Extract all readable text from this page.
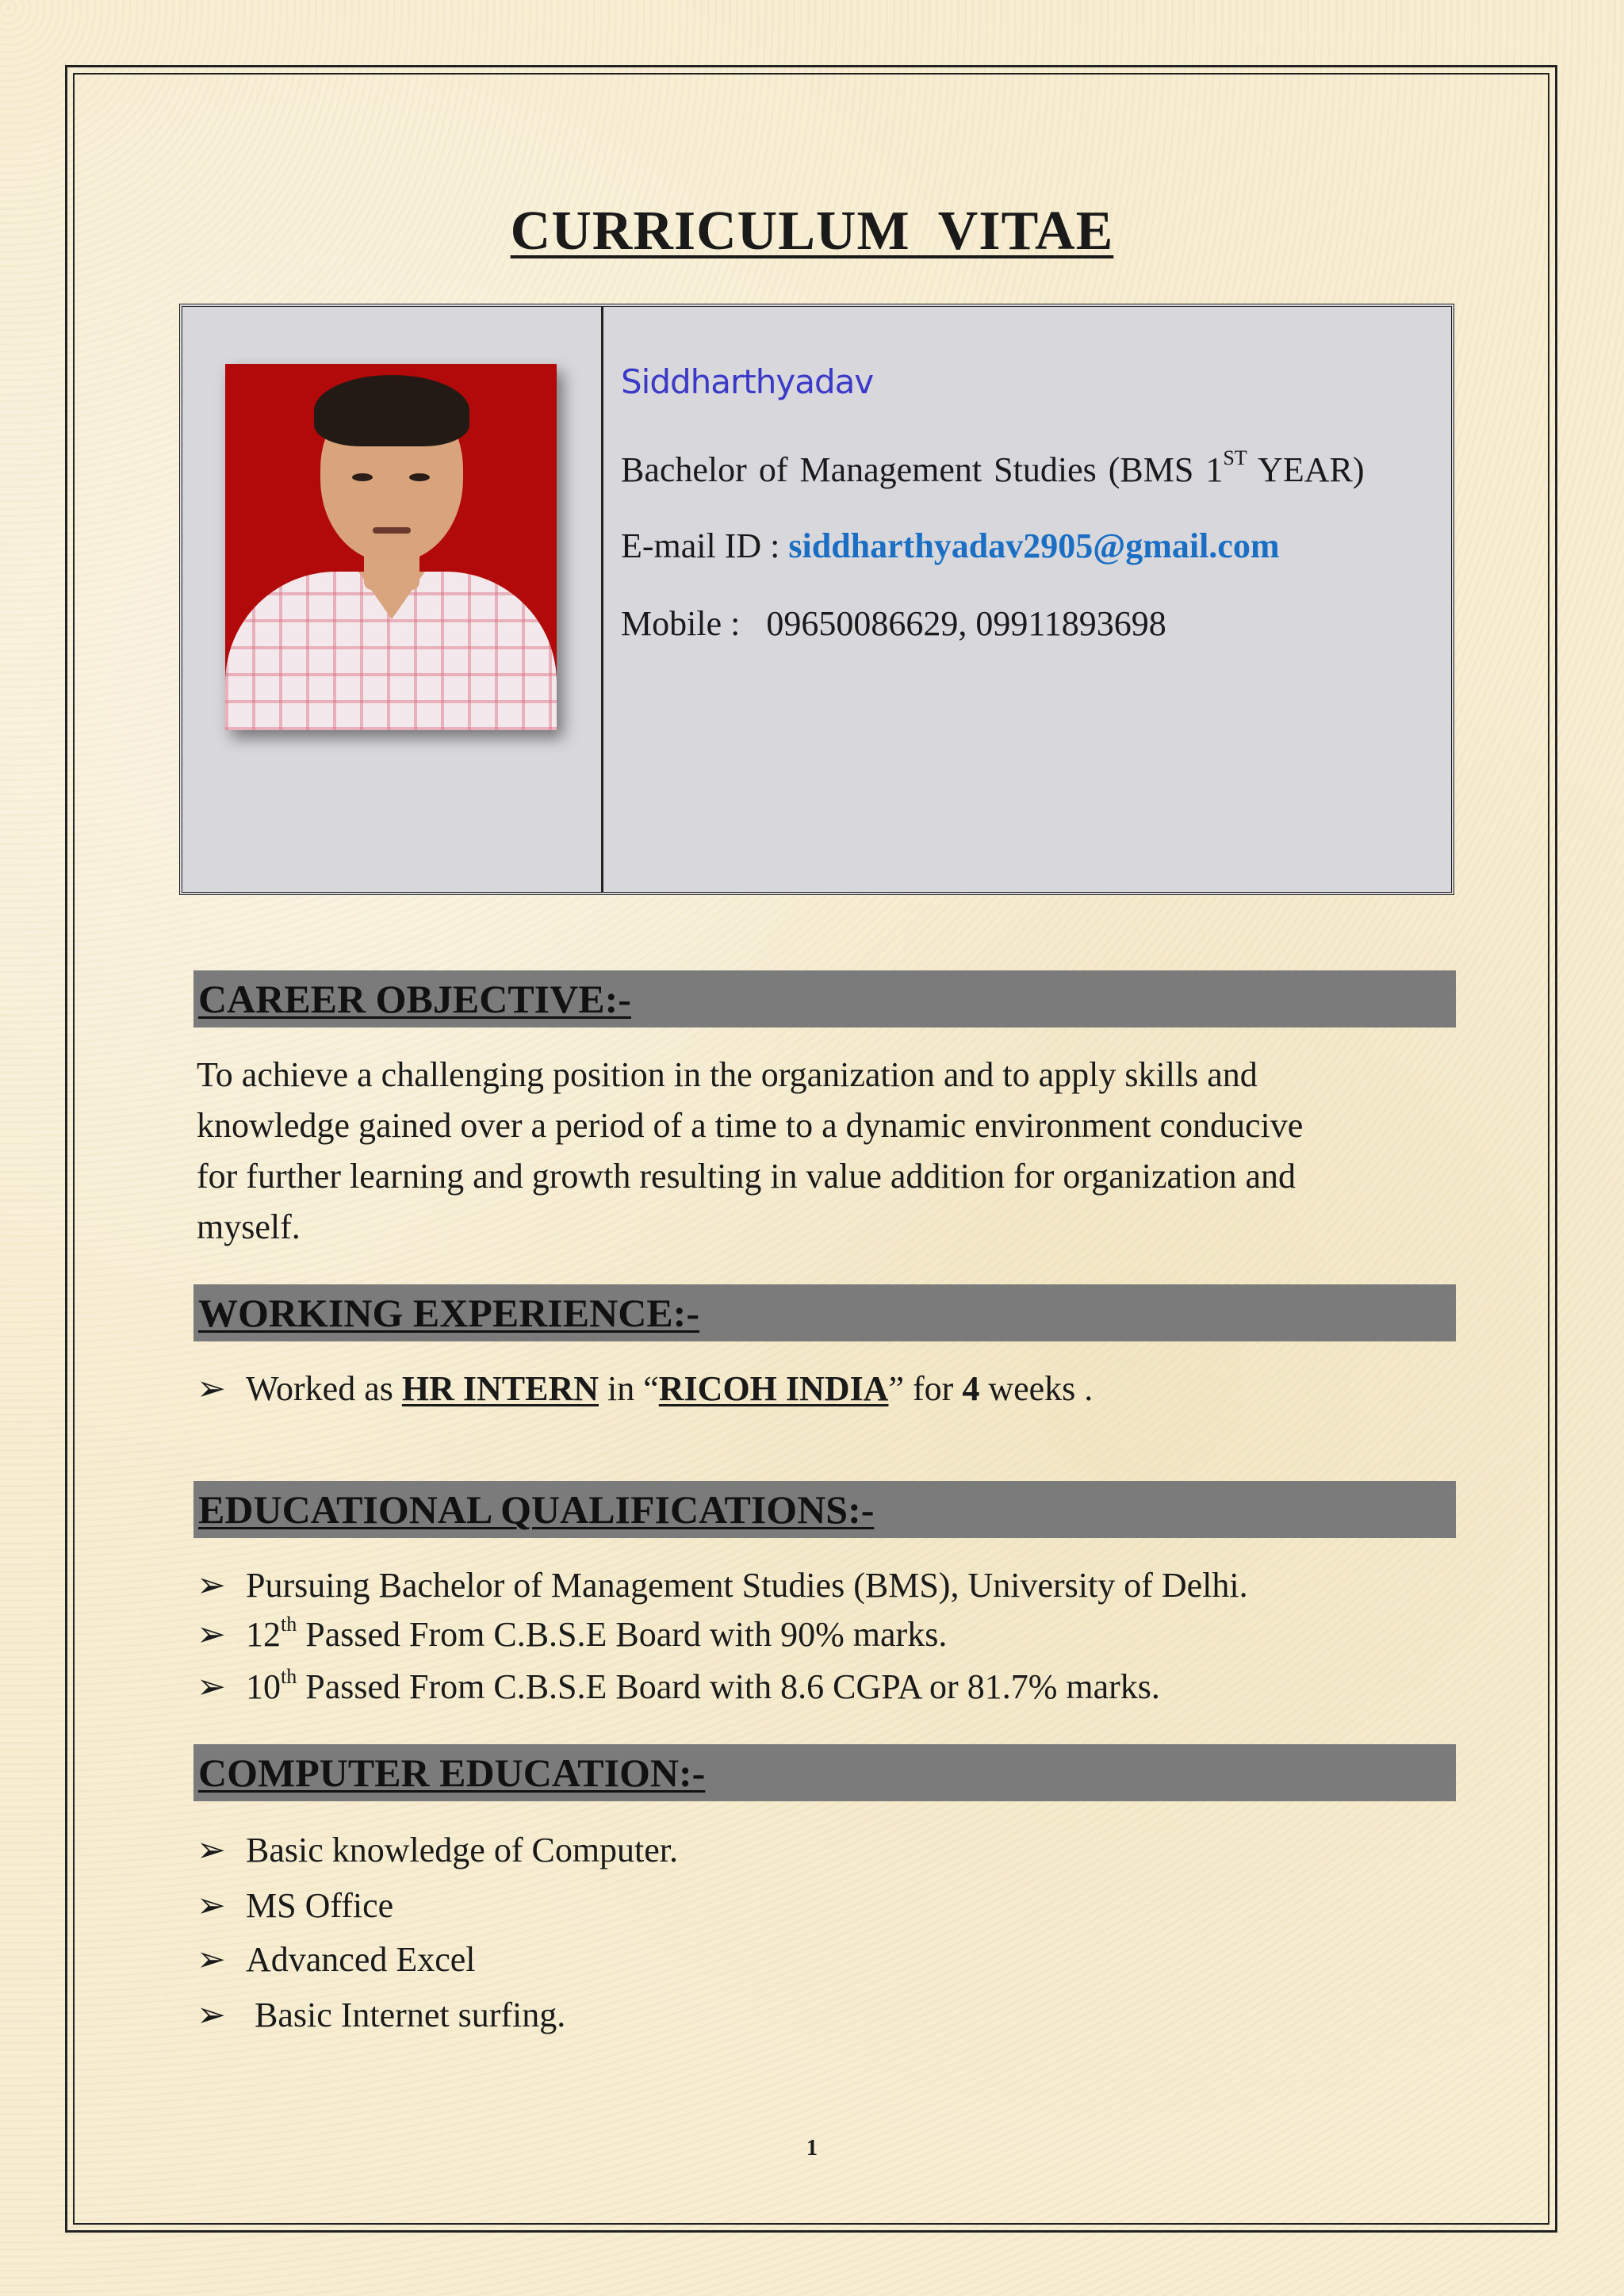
CURRICULUM VITAE
Siddharthyadav
Bachelor of Management Studies (BMS 1ST YEAR)
E-mail ID : siddharthyadav2905@gmail.com
Mobile : 09650086629, 09911893698
CAREER OBJECTIVE:-
To achieve a challenging position in the organization and to apply skills and
knowledge gained over a period of a time to a dynamic environment conducive
for further learning and growth resulting in value addition for organization and
myself.
WORKING EXPERIENCE:-
➢ Worked as HR INTERN in “RICOH INDIA” for 4 weeks .
EDUCATIONAL QUALIFICATIONS:-
➢ Pursuing Bachelor of Management Studies (BMS), University of Delhi.
➢ 12th Passed From C.B.S.E Board with 90% marks.
➢ 10th Passed From C.B.S.E Board with 8.6 CGPA or 81.7% marks.
COMPUTER EDUCATION:-
➢ Basic knowledge of Computer.
➢ MS Office
➢ Advanced Excel
➢ Basic Internet surfing.
1
